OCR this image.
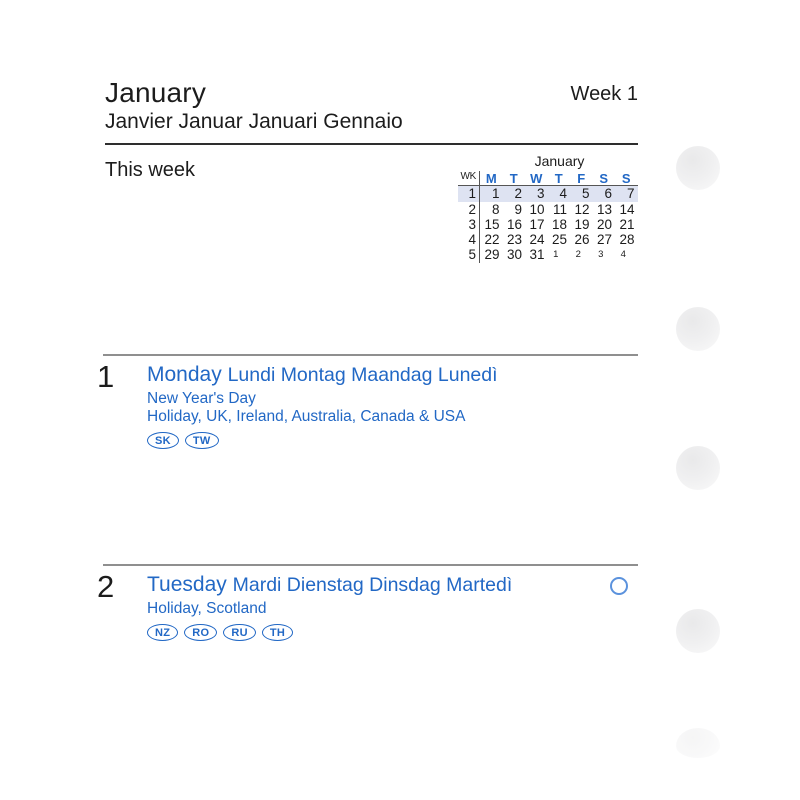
January
Janvier Januar Januari Gennaio
Week 1
This week	January
WK M	T W T	F	S	S
1	1	2	3	4	5	6	7
2	8	9 10 11 12 13 14
3 15 16 17 18 19 20 21
4 22 23 24 25 26 27 28
5 29 30 31 1	2	3	4
1	Monday Lundi Montag Maandag Lunedì
New Year's Day
Holiday, UK, Ireland, Australia, Canada & USA
SK	TW
2	Tuesday Mardi Dienstag Dinsdag Martedì
Holiday, Scotland
NZ	RO	RU	TH
